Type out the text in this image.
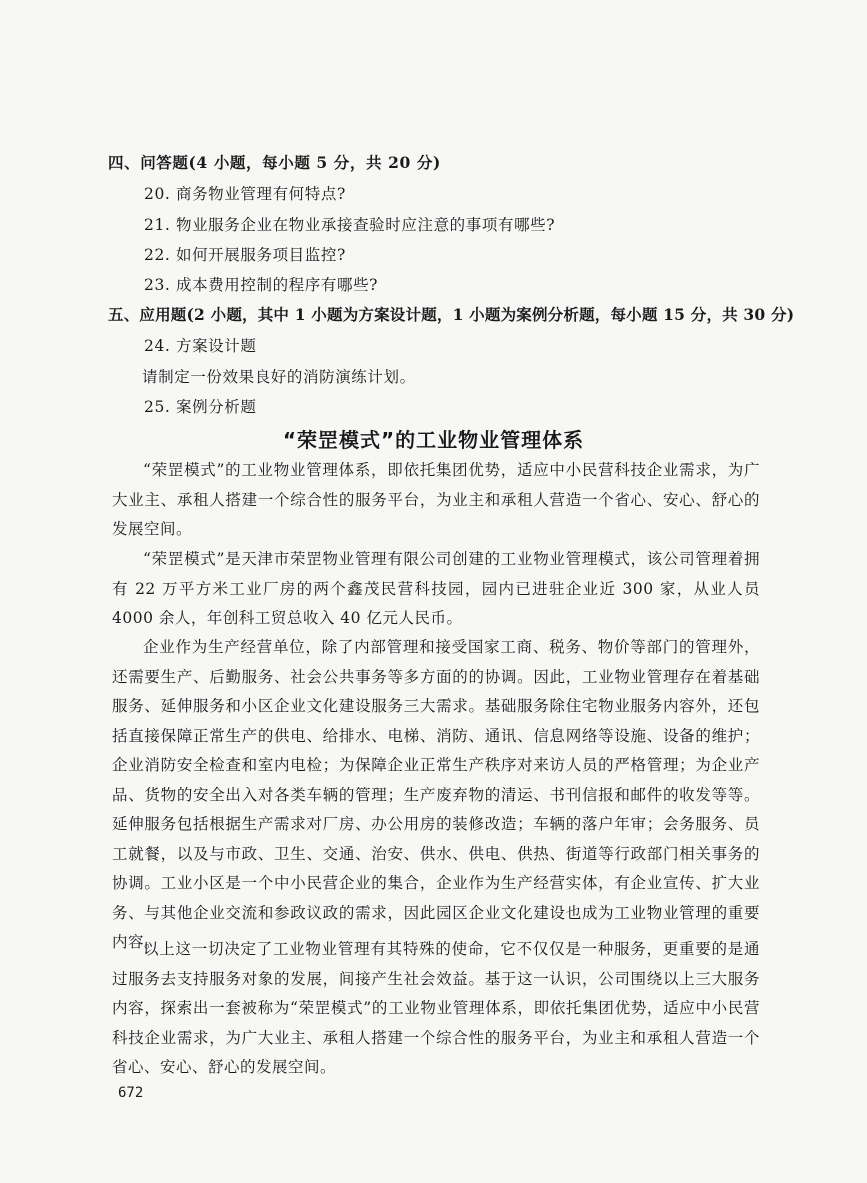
四、问答题(4 小题，每小题 5 分，共 20 分)
20. 商务物业管理有何特点?
21. 物业服务企业在物业承接查验时应注意的事项有哪些?
22. 如何开展服务项目监控?
23. 成本费用控制的程序有哪些?
五、应用题(2 小题，其中 1 小题为方案设计题，1 小题为案例分析题，每小题 15 分，共 30 分)
24. 方案设计题
请制定一份效果良好的消防演练计划。
25. 案例分析题
“荣罡模式”的工业物业管理体系
“荣罡模式”的工业物业管理体系，即依托集团优势，适应中小民营科技企业需求，为广大业主、承租人搭建一个综合性的服务平台，为业主和承租人营造一个省心、安心、舒心的发展空间。
“荣罡模式”是天津市荣罡物业管理有限公司创建的工业物业管理模式，该公司管理着拥有 22 万平方米工业厂房的两个鑫茂民营科技园，园内已进驻企业近 300 家，从业人员 4000 余人，年创科工贸总收入 40 亿元人民币。
企业作为生产经营单位，除了内部管理和接受国家工商、税务、物价等部门的管理外，还需要生产、后勤服务、社会公共事务等多方面的的协调。因此，工业物业管理存在着基础服务、延伸服务和小区企业文化建设服务三大需求。基础服务除住宅物业服务内容外，还包括直接保障正常生产的供电、给排水、电梯、消防、通讯、信息网络等设施、设备的维护；企业消防安全检查和室内电检；为保障企业正常生产秩序对来访人员的严格管理；为企业产品、货物的安全出入对各类车辆的管理；生产废弃物的清运、书刊信报和邮件的收发等等。延伸服务包括根据生产需求对厂房、办公用房的装修改造；车辆的落户年审；会务服务、员工就餐，以及与市政、卫生、交通、治安、供水、供电、供热、街道等行政部门相关事务的协调。工业小区是一个中小民营企业的集合，企业作为生产经营实体，有企业宣传、扩大业务、与其他企业交流和参政议政的需求，因此园区企业文化建设也成为工业物业管理的重要内容。
以上这一切决定了工业物业管理有其特殊的使命，它不仅仅是一种服务，更重要的是通过服务去支持服务对象的发展，间接产生社会效益。基于这一认识，公司围绕以上三大服务内容，探索出一套被称为“荣罡模式”的工业物业管理体系，即依托集团优势，适应中小民营科技企业需求，为广大业主、承租人搭建一个综合性的服务平台，为业主和承租人营造一个省心、安心、舒心的发展空间。
672
